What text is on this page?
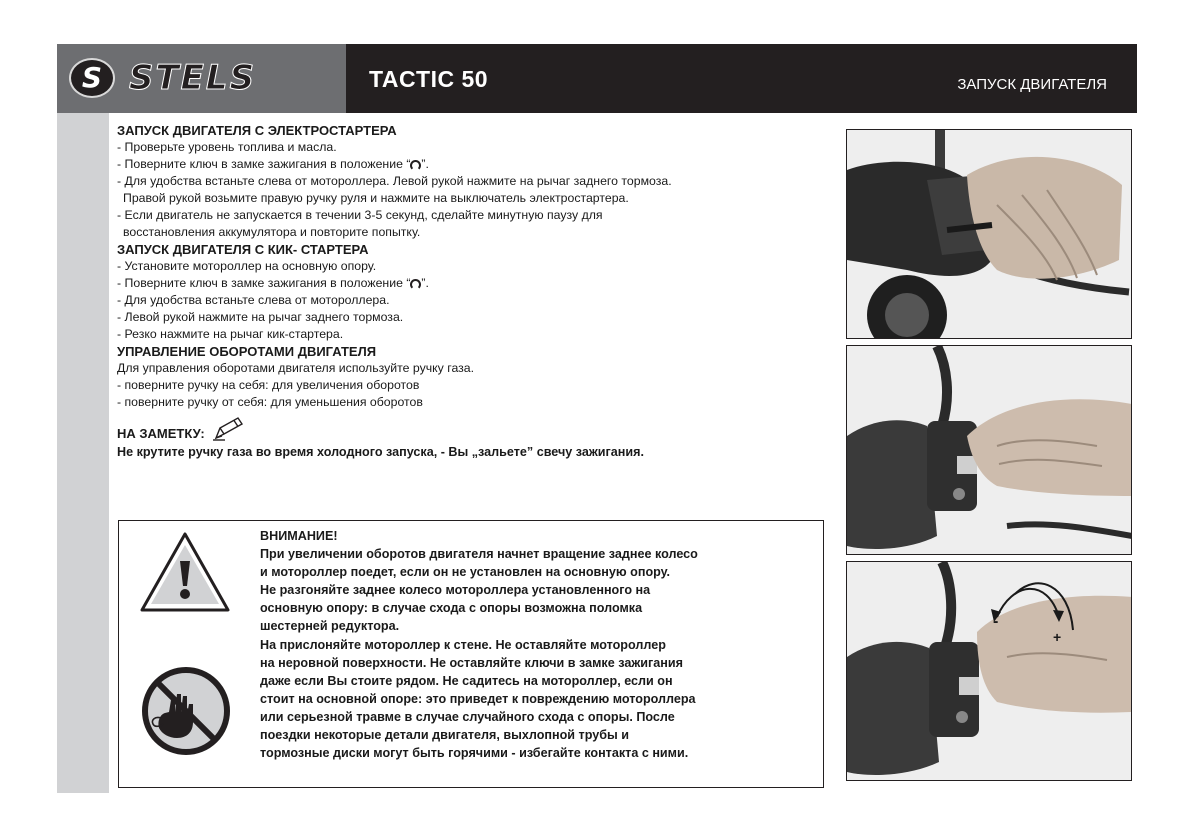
S STELS	TACTIC 50	ЗАПУСК ДВИГАТЕЛЯ
ЗАПУСК ДВИГАТЕЛЯ С ЭЛЕКТРОСТАРТЕРА
- Проверьте уровень топлива и масла.
- Поверните ключ в замке зажигания в положение “ ”.
- Для удобства встаньте слева от мотороллера. Левой рукой нажмите на рычаг заднего тормоза.
Правой рукой возьмите правую ручку руля и нажмите на выключатель электростартера.
- Если двигатель не запускается в течении 3-5 секунд, сделайте минутную паузу для
восстановления аккумулятора и повторите попытку.
ЗАПУСК ДВИГАТЕЛЯ С КИК- СТАРТЕРА
- Установите мотороллер на основную опору.
- Поверните ключ в замке зажигания в положение “ ”.
- Для удобства встаньте слева от мотороллера.
- Левой рукой нажмите на рычаг заднего тормоза.
- Резко нажмите на рычаг кик-стартера.
УПРАВЛЕНИЕ ОБОРОТАМИ ДВИГАТЕЛЯ
Для управления оборотами двигателя используйте ручку газа.
- поверните ручку на себя: для увеличения оборотов
- поверните ручку от себя: для уменьшения оборотов
НА ЗАМЕТКУ:
Не крутите ручку газа во время холодного запуска, - Вы „зальете” свечу зажигания.
ВНИМАНИЕ!
При увеличении оборотов двигателя начнет вращение заднее колесо
и мотороллер поедет, если он не установлен на основную опору.
Не разгоняйте заднее колесо мотороллера установленного на
основную опору: в случае схода с опоры возможна поломка
шестерней редуктора.
На прислоняйте мотороллер к стене. Не оставляйте мотороллер
на неровной поверхности. Не оставляйте ключи в замке зажигания
даже если Вы стоите рядом. Не садитесь на мотороллер, если он
стоит на основной опоре: это приведет к повреждению мотороллера
или серьезной травме в случае случайного схода с опоры. После
поездки некоторые детали двигателя, выхлопной трубы и
тормозные диски могут быть горячими - избегайте контакта с ними.
-
+
